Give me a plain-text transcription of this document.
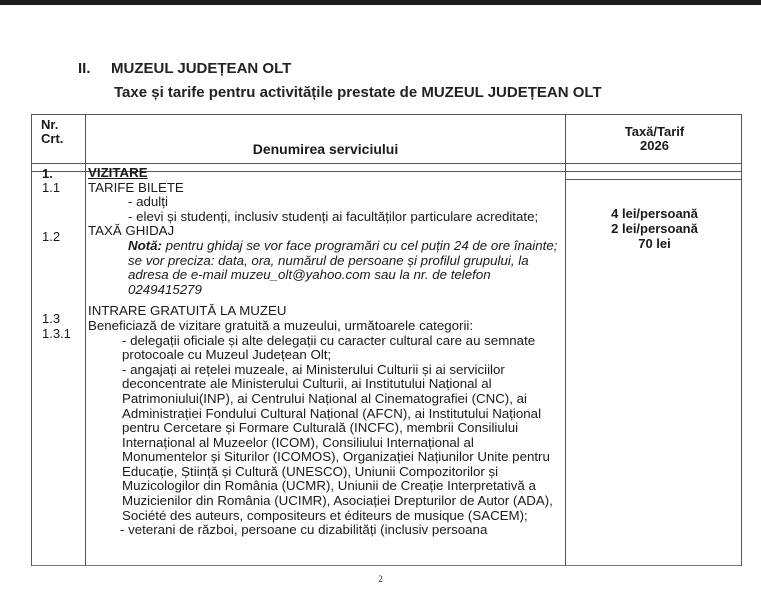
II. MUZEUL JUDEȚEAN OLT
Taxe și tarife pentru activitățile prestate de MUZEUL JUDEȚEAN OLT
Nr.
Crt.
Denumirea serviciului
Taxă/Tarif
2026
1.
1.1
1.2
1.3
1.3.1

VIZITARE

TARIFE BILETE

- adulți

- elevi și studenți, inclusiv studenți ai facultăților particulare acreditate;

TAXĂ GHIDAJ

Notă: pentru ghidaj se vor face programări cu cel puțin 24 de ore înainte; se vor preciza: data, ora, numărul de persoane și profilul grupului, la adresa de e-mail muzeu_olt@yahoo.com sau la nr. de telefon 0249415279

INTRARE GRATUITĂ LA MUZEU

Beneficiază de vizitare gratuită a muzeului, următoarele categorii:

- delegații oficiale și alte delegații cu caracter cultural care au semnate protocoale cu Muzeul Județean Olt;

- angajați ai rețelei muzeale, ai Ministerului Culturii și ai serviciilor deconcentrate ale Ministerului Culturii, ai Institutului Național al Patrimoniului(INP), ai Centrului Național al Cinematografiei (CNC), ai Administrației Fondului Cultural Național (AFCN), ai Institutului Național pentru Cercetare și Formare Culturală (INCFC), membrii Consiliului Internațional al Muzeelor (ICOM), Consiliului Internațional al Monumentelor și Siturilor (ICOMOS), Organizației Națiunilor Unite pentru Educație, Știință și Cultură (UNESCO), Uniunii Compozitorilor și Muzicologilor din România (UCMR), Uniunii de Creație Interpretativă a Muzicienilor din România (UCIMR), Asociației Drepturilor de Autor (ADA), Société des auteurs, compositeurs et éditeurs de musique (SACEM);

- veterani de război, persoane cu dizabilități (inclusiv persoana

4 lei/persoană
2 lei/persoană
70 lei
2
